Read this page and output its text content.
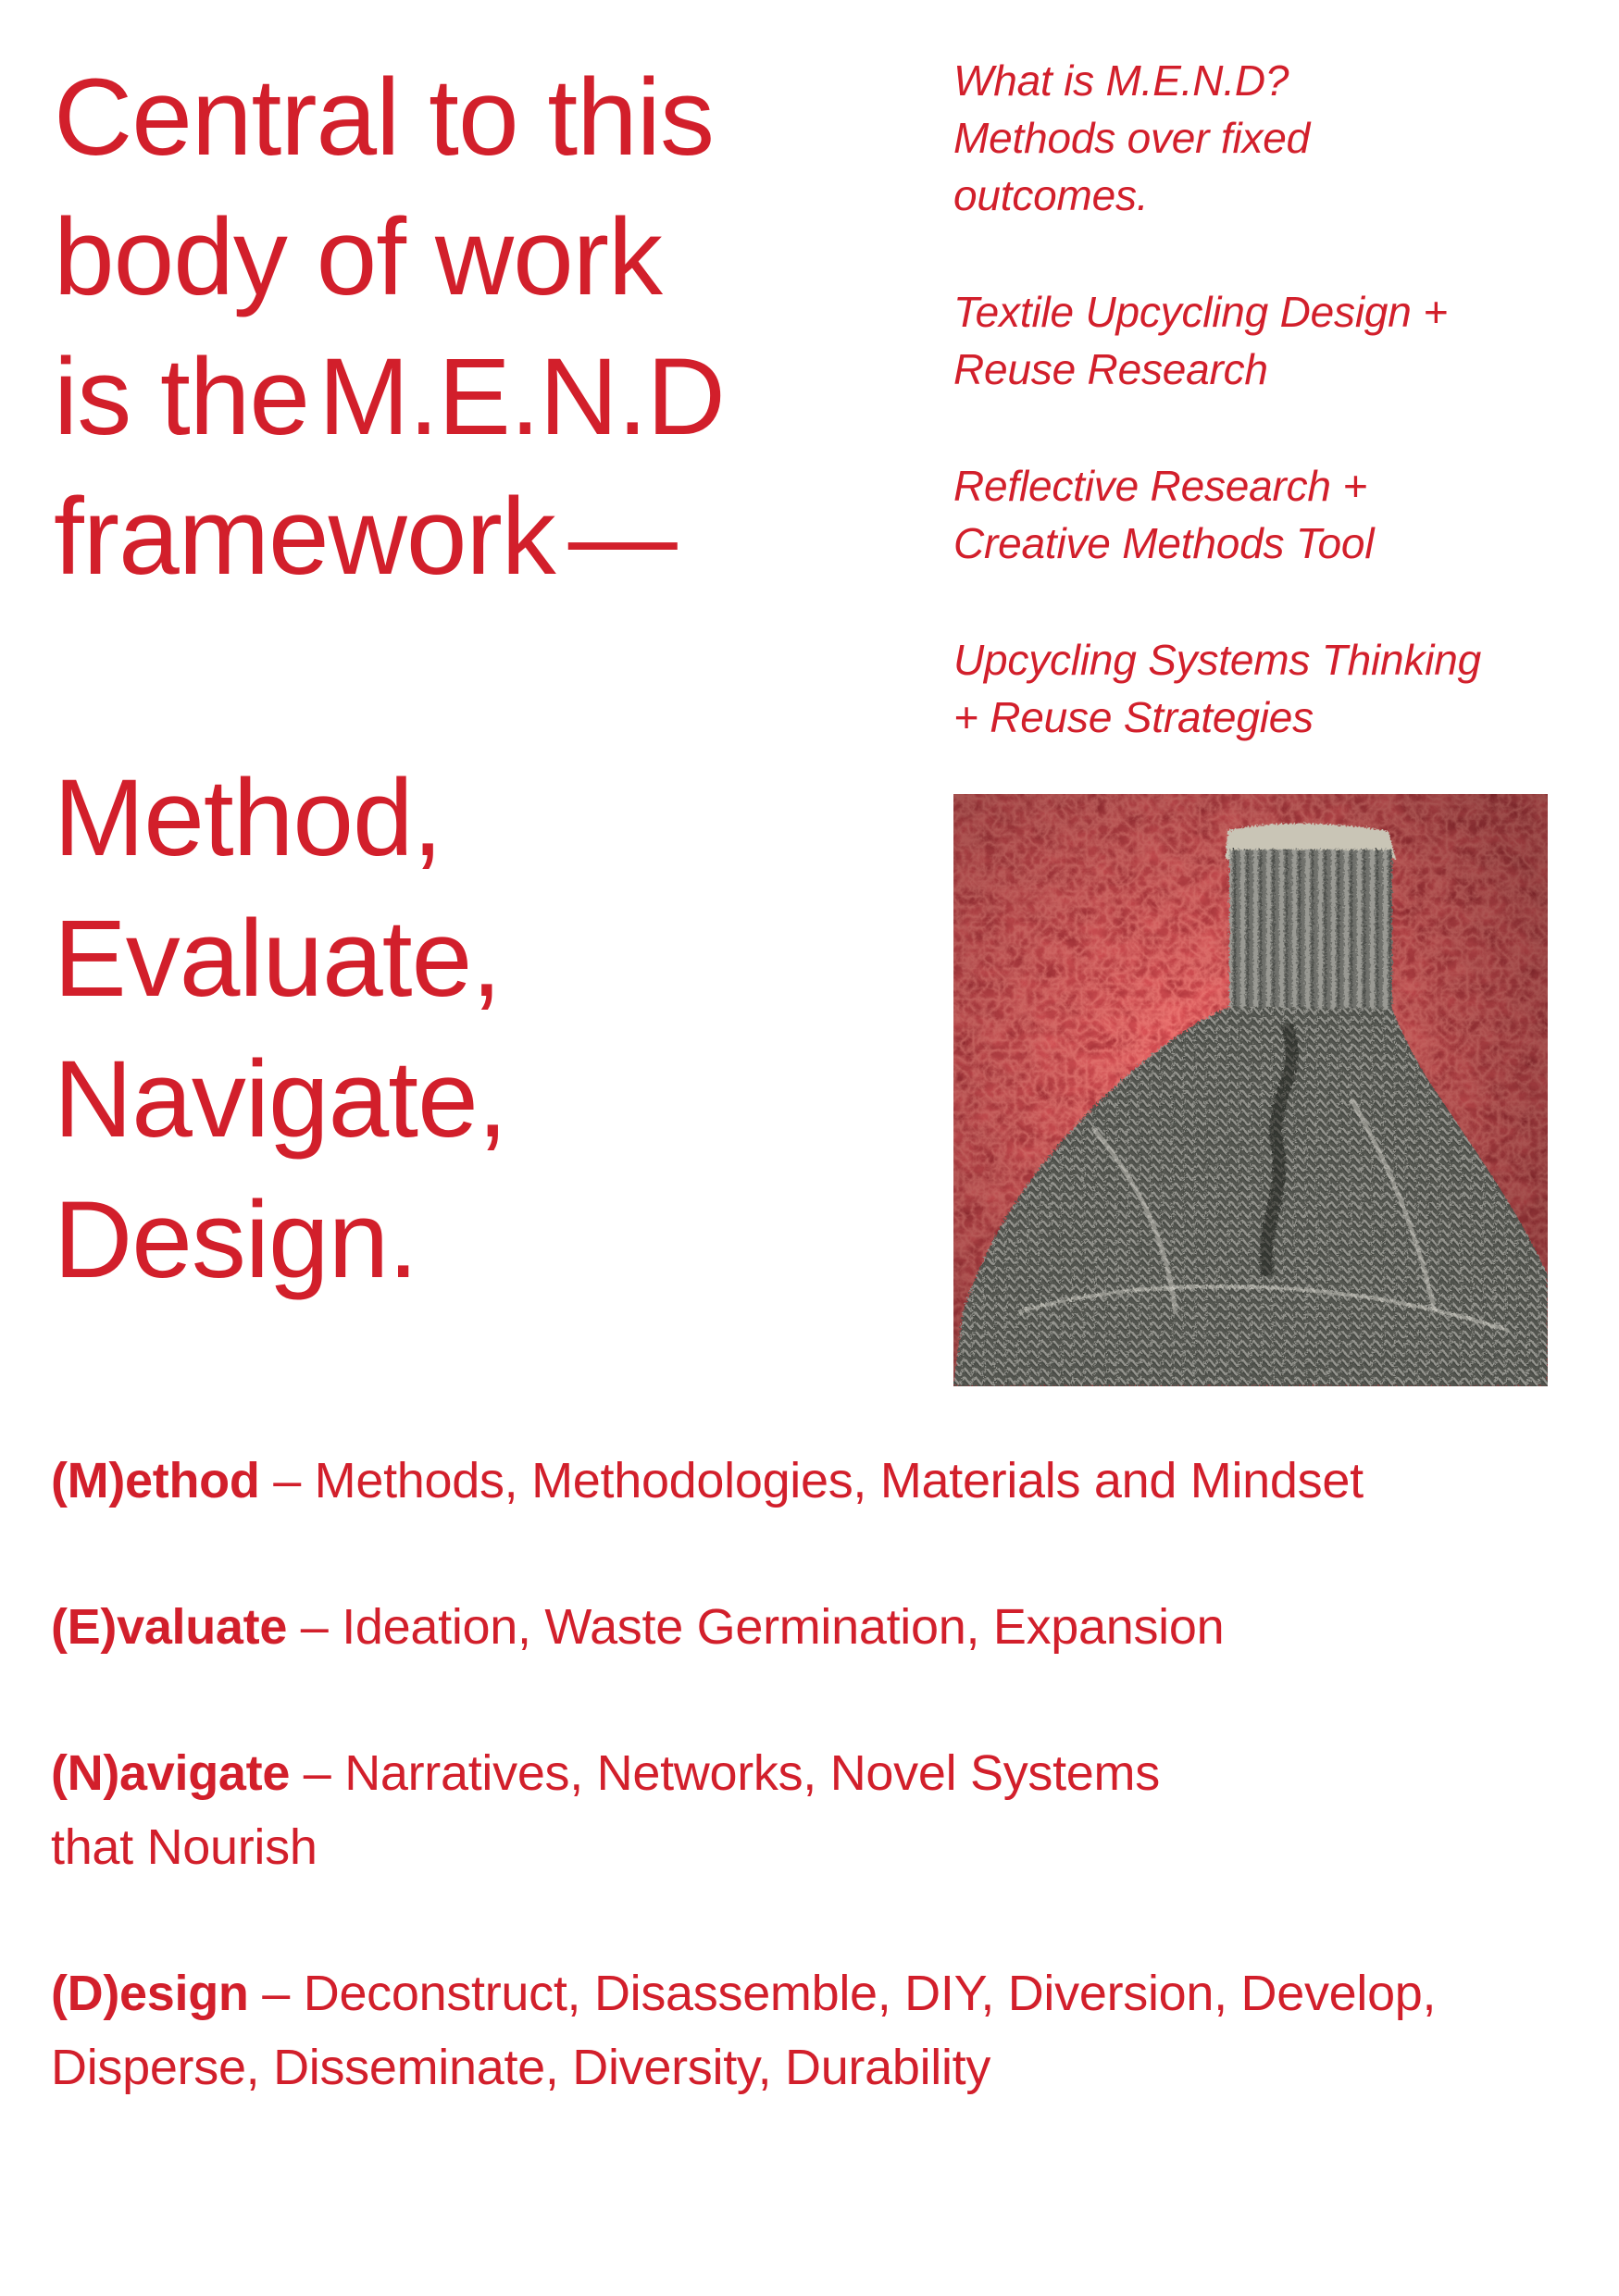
Central to this
body of work
is theM.E.N.D
framework —
Method,
Evaluate,
Navigate,
Design.

What is M.E.N.D?
Methods over fixed
outcomes.

Textile Upcycling Design +
Reuse Research

Reflective Research +
Creative Methods Tool

Upcycling Systems Thinking
+ Reuse Strategies

(M)ethod – Methods, Methodologies, Materials and Mindset

(E)valuate – Ideation, Waste Germination, Expansion

(N)avigate – Narratives, Networks, Novel Systems
that Nourish

(D)esign – Deconstruct, Disassemble, DIY, Diversion, Develop,
Disperse, Disseminate, Diversity, Durability
